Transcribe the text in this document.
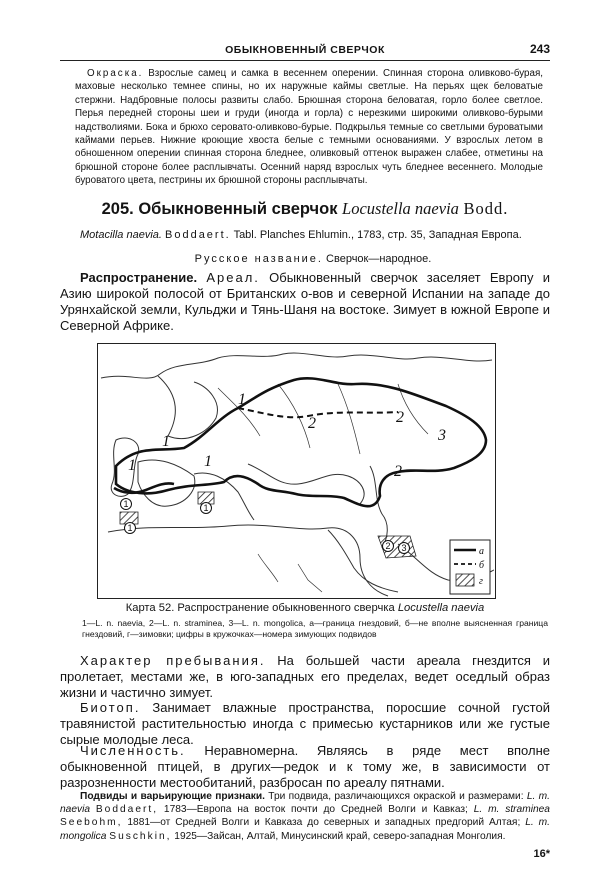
ОБЫКНОВЕННЫЙ СВЕРЧОК	243

Окраска. Взрослые самец и самка в весеннем оперении. Спинная сторона оливково-бурая, маховые несколько темнее спины, но их наружные каймы светлые. На перьях щек беловатые стержни. Надбровные полосы развиты слабо. Брюшная сторона беловатая, горло более светлое. Перья передней стороны шеи и груди (иногда и горла) с нерезкими широкими оливково-бурыми надстволиями. Бока и брюхо серовато-оливково-бурые. Подкрылья темные со светлыми буроватыми каймами перьев. Нижние кроющие хвоста белые с темными основаниями. У взрослых летом в обношенном оперении спинная сторона бледнее, оливковый оттенок выражен слабее, отметины на брюшной стороне более расплывчаты. Осенний наряд взрослых чуть бледнее весеннего. Молодые буроватого цвета, пестрины их брюшной стороны расплывчаты.

205. Обыкновенный сверчок Locustella naevia Bodd.

Motacilla naevia. Boddaert. Tabl. Planches Ehlumin., 1783, стр. 35, Западная Европа.

Русское название. Сверчок—народное.

Распространение. Ареал. Обыкновенный сверчок заселяет Европу и Азию широкой полосой от Британских о-вов и северной Испании на западе до Урянхайской земли, Кульджи и Тянь-Шаня на востоке. Зимует в южной Европе и Северной Африке.

1
1
1	1
2	2
2
3
1
1
1
2 3	а
б
г

Карта 52. Распространение обыкновенного сверчка Locustella naevia

1—L. n. naevia, 2—L. n. straminea, 3—L. n. mongolica, а—граница гнездовий, б—не вполне выясненная граница гнездовий, г—зимовки; цифры в кружочках—номера зимующих подвидов

Характер пребывания. На большей части ареала гнездится и пролетает, местами же, в юго-западных его пределах, ведет оседлый образ жизни и частично зимует.

Биотоп. Занимает влажные пространства, поросшие сочной густой травянистой растительностью иногда с примесью кустарников или же густые сырые молодые леса.

Численность. Неравномерна. Являясь в ряде мест вполне обыкновенной птицей, в других—редок и к тому же, в зависимости от разрозненности местообитаний, разбросан по ареалу пятнами.

Подвиды и варьирующие признаки. Три подвида, различающихся окраской и размерами: L. m. naevia Boddaert, 1783—Европа на восток почти до Средней Волги и Кавказ; L. m. straminea Seebohm, 1881—от Средней Волги и Кавказа до северных и западных предгорий Алтая; L. m. mongolica Suschkin, 1925—Зайсан, Алтай, Минусинский край, северо-западная Монголия.

16*
